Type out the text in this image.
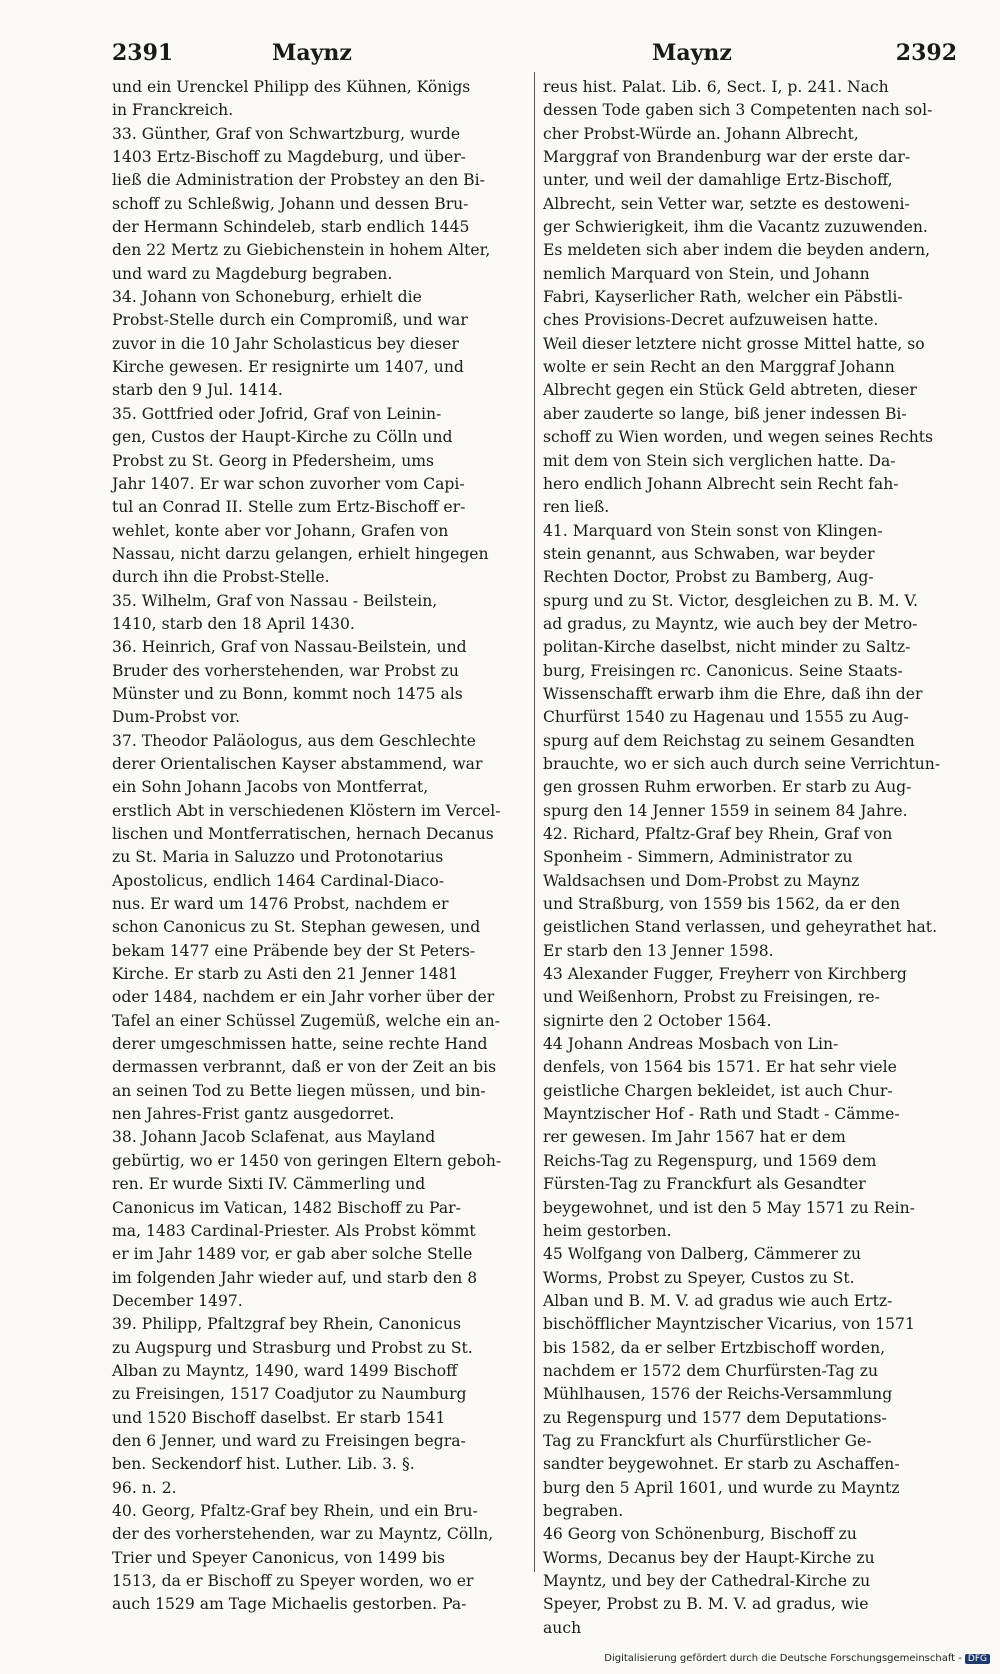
2391	Maynz	Maynz	2392
und ein Urenckel Philipp des Kühnen, Königs
in Franckreich.
33. Günther, Graf von Schwartzburg, wurde
1403 Ertz-Bischoff zu Magdeburg, und über-
ließ die Administration der Probstey an den Bi-
schoff zu Schleßwig, Johann und dessen Bru-
der Hermann Schindeleb, starb endlich 1445
den 22 Mertz zu Giebichenstein in hohem Alter,
und ward zu Magdeburg begraben.
34. Johann von Schoneburg, erhielt die
Probst-Stelle durch ein Compromiß, und war
zuvor in die 10 Jahr Scholasticus bey dieser
Kirche gewesen. Er resignirte um 1407, und
starb den 9 Jul. 1414.
35. Gottfried oder Jofrid, Graf von Leinin-
gen, Custos der Haupt-Kirche zu Cölln und
Probst zu St. Georg in Pfedersheim, ums
Jahr 1407. Er war schon zuvorher vom Capi-
tul an Conrad II. Stelle zum Ertz-Bischoff er-
wehlet, konte aber vor Johann, Grafen von
Nassau, nicht darzu gelangen, erhielt hingegen
durch ihn die Probst-Stelle.
35. Wilhelm, Graf von Nassau - Beilstein,
1410, starb den 18 April 1430.
36. Heinrich, Graf von Nassau-Beilstein, und
Bruder des vorherstehenden, war Probst zu
Münster und zu Bonn, kommt noch 1475 als
Dum-Probst vor.
37. Theodor Paläologus, aus dem Geschlechte
derer Orientalischen Kayser abstammend, war
ein Sohn Johann Jacobs von Montferrat,
erstlich Abt in verschiedenen Klöstern im Vercel-
lischen und Montferratischen, hernach Decanus
zu St. Maria in Saluzzo und Protonotarius
Apostolicus, endlich 1464 Cardinal-Diaco-
nus. Er ward um 1476 Probst, nachdem er
schon Canonicus zu St. Stephan gewesen, und
bekam 1477 eine Präbende bey der St Peters-
Kirche. Er starb zu Asti den 21 Jenner 1481
oder 1484, nachdem er ein Jahr vorher über der
Tafel an einer Schüssel Zugemüß, welche ein an-
derer umgeschmissen hatte, seine rechte Hand
dermassen verbrannt, daß er von der Zeit an bis
an seinen Tod zu Bette liegen müssen, und bin-
nen Jahres-Frist gantz ausgedorret.
38. Johann Jacob Sclafenat, aus Mayland
gebürtig, wo er 1450 von geringen Eltern geboh-
ren. Er wurde Sixti IV. Cämmerling und
Canonicus im Vatican, 1482 Bischoff zu Par-
ma, 1483 Cardinal-Priester. Als Probst kömmt
er im Jahr 1489 vor, er gab aber solche Stelle
im folgenden Jahr wieder auf, und starb den 8
December 1497.
39. Philipp, Pfaltzgraf bey Rhein, Canonicus
zu Augspurg und Strasburg und Probst zu St.
Alban zu Mayntz, 1490, ward 1499 Bischoff
zu Freisingen, 1517 Coadjutor zu Naumburg
und 1520 Bischoff daselbst. Er starb 1541
den 6 Jenner, und ward zu Freisingen begra-
ben. Seckendorf hist. Luther. Lib. 3. §.
96. n. 2.
40. Georg, Pfaltz-Graf bey Rhein, und ein Bru-
der des vorherstehenden, war zu Mayntz, Cölln,
Trier und Speyer Canonicus, von 1499 bis
1513, da er Bischoff zu Speyer worden, wo er
auch 1529 am Tage Michaelis gestorben. Pa-
reus hist. Palat. Lib. 6, Sect. I, p. 241. Nach
dessen Tode gaben sich 3 Competenten nach sol-
cher Probst-Würde an. Johann Albrecht,
Marggraf von Brandenburg war der erste dar-
unter, und weil der damahlige Ertz-Bischoff,
Albrecht, sein Vetter war, setzte es destoweni-
ger Schwierigkeit, ihm die Vacantz zuzuwenden.
Es meldeten sich aber indem die beyden andern,
nemlich Marquard von Stein, und Johann
Fabri, Kayserlicher Rath, welcher ein Päbstli-
ches Provisions-Decret aufzuweisen hatte.
Weil dieser letztere nicht grosse Mittel hatte, so
wolte er sein Recht an den Marggraf Johann
Albrecht gegen ein Stück Geld abtreten, dieser
aber zauderte so lange, biß jener indessen Bi-
schoff zu Wien worden, und wegen seines Rechts
mit dem von Stein sich verglichen hatte. Da-
hero endlich Johann Albrecht sein Recht fah-
ren ließ.
41. Marquard von Stein sonst von Klingen-
stein genannt, aus Schwaben, war beyder
Rechten Doctor, Probst zu Bamberg, Aug-
spurg und zu St. Victor, desgleichen zu B. M. V.
ad gradus, zu Mayntz, wie auch bey der Metro-
politan-Kirche daselbst, nicht minder zu Saltz-
burg, Freisingen rc. Canonicus. Seine Staats-
Wissenschafft erwarb ihm die Ehre, daß ihn der
Churfürst 1540 zu Hagenau und 1555 zu Aug-
spurg auf dem Reichstag zu seinem Gesandten
brauchte, wo er sich auch durch seine Verrichtun-
gen grossen Ruhm erworben. Er starb zu Aug-
spurg den 14 Jenner 1559 in seinem 84 Jahre.
42. Richard, Pfaltz-Graf bey Rhein, Graf von
Sponheim - Simmern, Administrator zu
Waldsachsen und Dom-Probst zu Maynz
und Straßburg, von 1559 bis 1562, da er den
geistlichen Stand verlassen, und geheyrathet hat.
Er starb den 13 Jenner 1598.
43 Alexander Fugger, Freyherr von Kirchberg
und Weißenhorn, Probst zu Freisingen, re-
signirte den 2 October 1564.
44 Johann Andreas Mosbach von Lin-
denfels, von 1564 bis 1571. Er hat sehr viele
geistliche Chargen bekleidet, ist auch Chur-
Mayntzischer Hof - Rath und Stadt - Cämme-
rer gewesen. Im Jahr 1567 hat er dem
Reichs-Tag zu Regenspurg, und 1569 dem
Fürsten-Tag zu Franckfurt als Gesandter
beygewohnet, und ist den 5 May 1571 zu Rein-
heim gestorben.
45 Wolfgang von Dalberg, Cämmerer zu
Worms, Probst zu Speyer, Custos zu St.
Alban und B. M. V. ad gradus wie auch Ertz-
bischöfflicher Mayntzischer Vicarius, von 1571
bis 1582, da er selber Ertzbischoff worden,
nachdem er 1572 dem Churfürsten-Tag zu
Mühlhausen, 1576 der Reichs-Versammlung
zu Regenspurg und 1577 dem Deputations-
Tag zu Franckfurt als Churfürstlicher Ge-
sandter beygewohnet. Er starb zu Aschaffen-
burg den 5 April 1601, und wurde zu Mayntz
begraben.
46 Georg von Schönenburg, Bischoff zu
Worms, Decanus bey der Haupt-Kirche zu
Mayntz, und bey der Cathedral-Kirche zu
Speyer, Probst zu B. M. V. ad gradus, wie
auch
Digitalisierung gefördert durch die Deutsche Forschungsgemeinschaft - DFG
